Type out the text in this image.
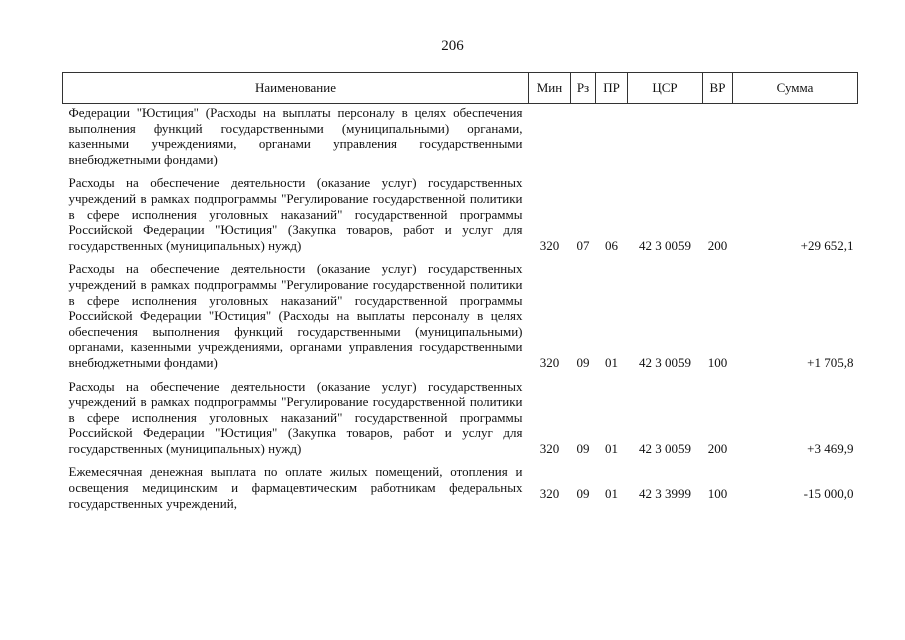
206
Наименование	Мин	Рз	ПР	ЦСР	ВР	Сумма
Федерации "Юстиция" (Расходы на выплаты персоналу в целях обеспечения выполнения функций государственными (муниципальными) органами, казенными учреждениями, органами управления государственными внебюджетными фондами)						
Расходы на обеспечение деятельности (оказание услуг) государственных учреждений в рамках подпрограммы "Регулирование государственной политики в сфере исполнения уголовных наказаний" государственной программы Российской Федерации "Юстиция" (Закупка товаров, работ и услуг для государственных (муниципальных) нужд)	320	07	06	42 3 0059	200	+29 652,1
Расходы на обеспечение деятельности (оказание услуг) государственных учреждений в рамках подпрограммы "Регулирование государственной политики в сфере исполнения уголовных наказаний" государственной программы Российской Федерации "Юстиция" (Расходы на выплаты персоналу в целях обеспечения выполнения функций государственными (муниципальными) органами, казенными учреждениями, органами управления государственными внебюджетными фондами)	320	09	01	42 3 0059	100	+1 705,8
Расходы на обеспечение деятельности (оказание услуг) государственных учреждений в рамках подпрограммы "Регулирование государственной политики в сфере исполнения уголовных наказаний" государственной программы Российской Федерации "Юстиция" (Закупка товаров, работ и услуг для государственных (муниципальных) нужд)	320	09	01	42 3 0059	200	+3 469,9
Ежемесячная денежная выплата по оплате жилых помещений, отопления и освещения медицинским и фармацевтическим работникам федеральных государственных учреждений,	320	09	01	42 3 3999	100	-15 000,0
